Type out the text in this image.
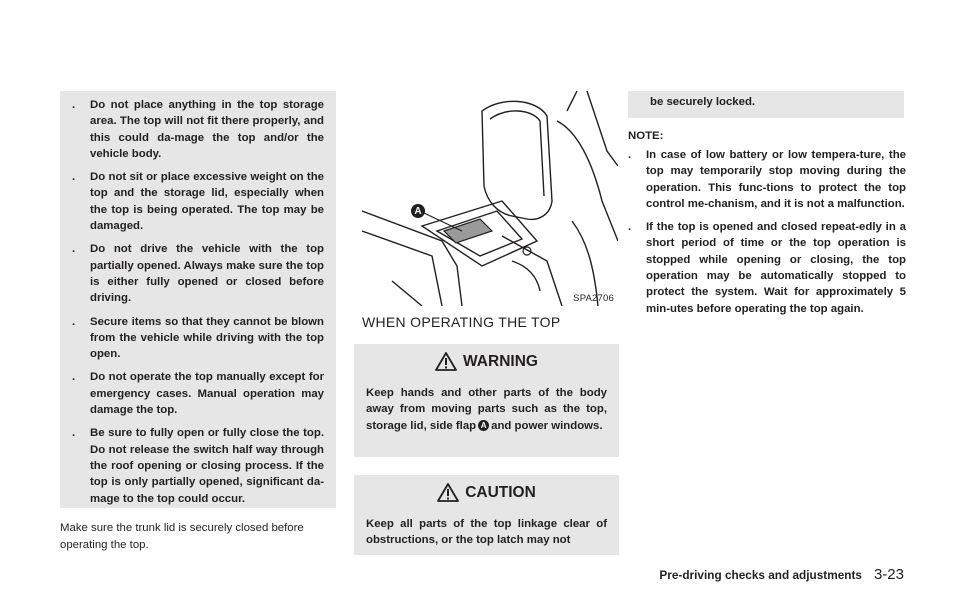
. Do not place anything in the top storage area. The top will not fit there properly, and this could da-mage the top and/or the vehicle body.
. Do not sit or place excessive weight on the top and the storage lid, especially when the top is being operated. The top may be damaged.
. Do not drive the vehicle with the top partially opened. Always make sure the top is either fully opened or closed before driving.
. Secure items so that they cannot be blown from the vehicle while driving with the top open.
. Do not operate the top manually except for emergency cases. Manual operation may damage the top.
. Be sure to fully open or fully close the top. Do not release the switch half way through the roof opening or closing process. If the top is only partially opened, significant da-mage to the top could occur.
Make sure the trunk lid is securely closed before operating the top.
A
SPA2706
WHEN OPERATING THE TOP
WARNING
Keep hands and other parts of the body away from moving parts such as the top, storage lid, side flap A and power windows.
CAUTION
Keep all parts of the top linkage clear of obstructions, or the top latch may not
be securely locked.
NOTE:
. In case of low battery or low tempera-ture, the top may temporarily stop moving during the operation. This func-tions to protect the top control me-chanism, and it is not a malfunction.
. If the top is opened and closed repeat-edly in a short period of time or the top operation is stopped while opening or closing, the top operation may be automatically stopped to protect the system. Wait for approximately 5 min-utes before operating the top again.
Pre-driving checks and adjustments 3-23
